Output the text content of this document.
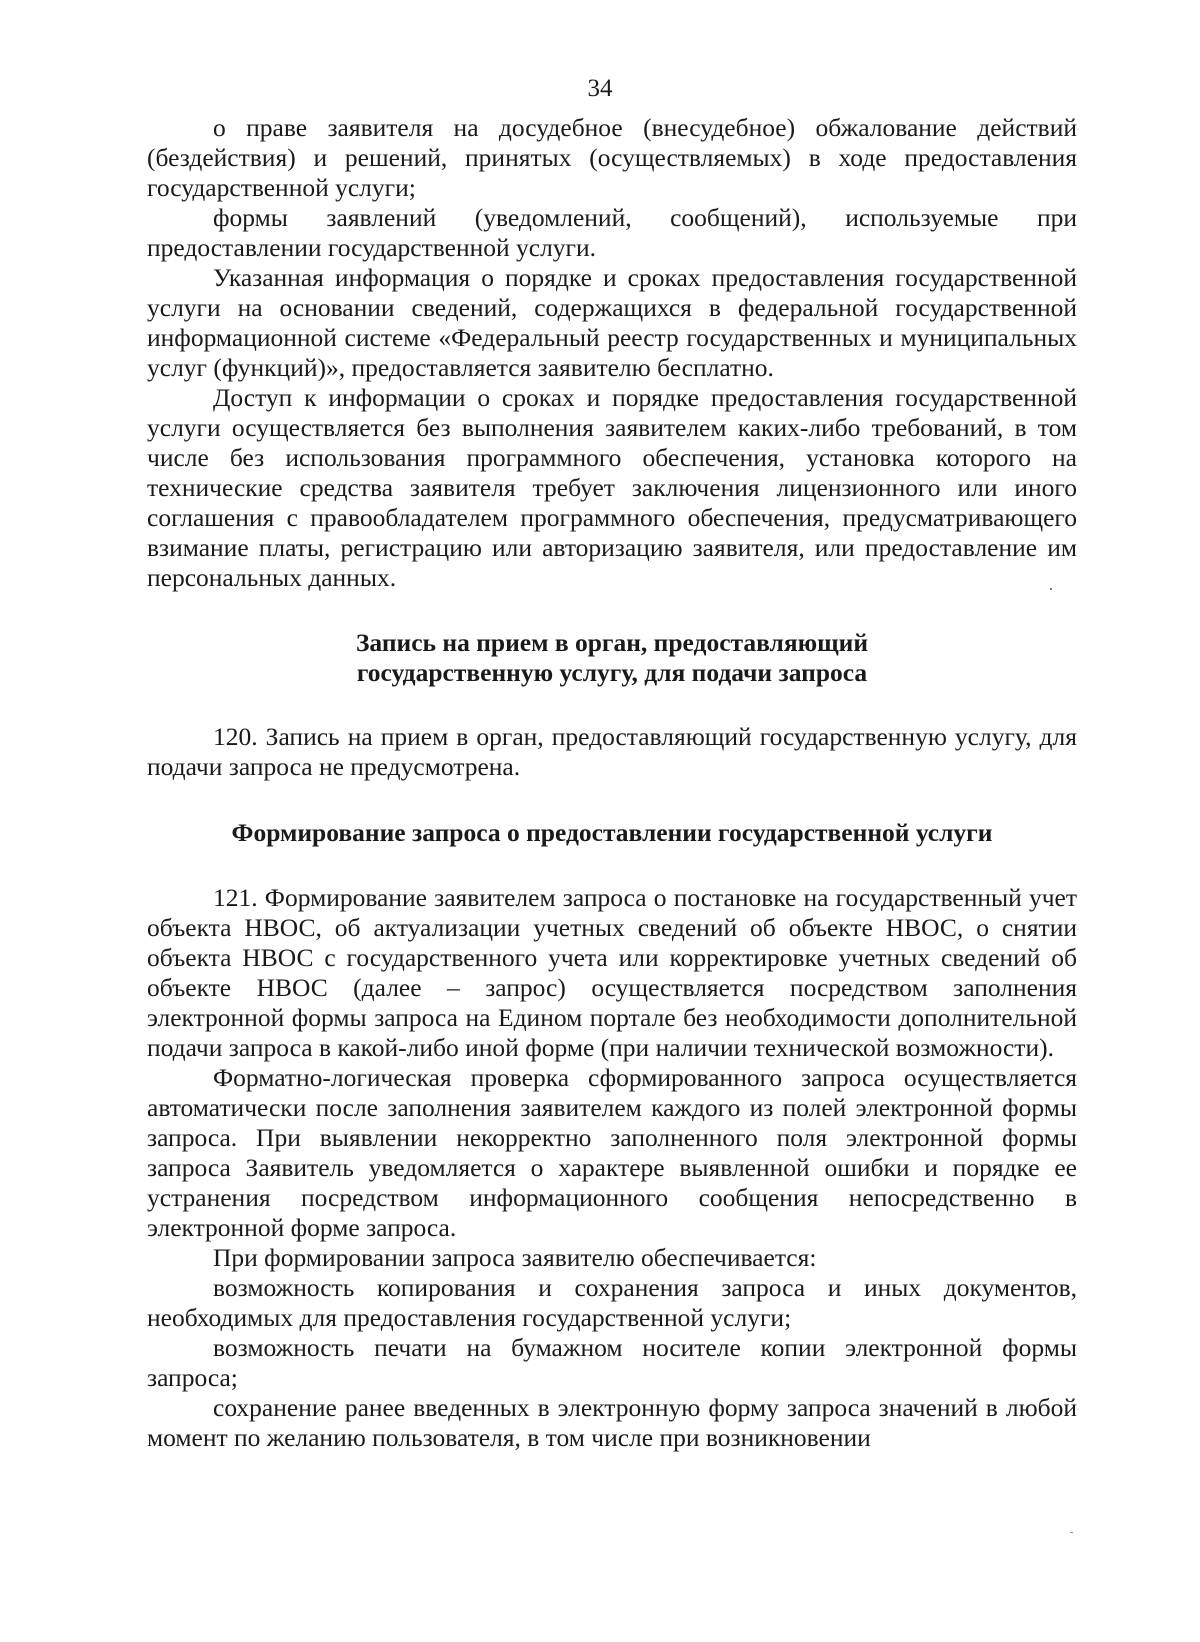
34

о праве заявителя на досудебное (внесудебное) обжалование действий (бездействия) и решений, принятых (осуществляемых) в ходе предоставления государственной услуги;

формы заявлений (уведомлений, сообщений), используемые при предоставлении государственной услуги.

Указанная информация о порядке и сроках предоставления государственной услуги на основании сведений, содержащихся в федеральной государственной информационной системе «Федеральный реестр государственных и муниципальных услуг (функций)», предоставляется заявителю бесплатно.

Доступ к информации о сроках и порядке предоставления государственной услуги осуществляется без выполнения заявителем каких-либо требований, в том числе без использования программного обеспечения, установка которого на технические средства заявителя требует заключения лицензионного или иного соглашения с правообладателем программного обеспечения, предусматривающего взимание платы, регистрацию или авторизацию заявителя, или предоставление им персональных данных.

Запись на прием в орган, предоставляющий
государственную услугу, для подачи запроса

120. Запись на прием в орган, предоставляющий государственную услугу, для подачи запроса не предусмотрена.

Формирование запроса о предоставлении государственной услуги

121. Формирование заявителем запроса о постановке на государственный учет объекта НВОС, об актуализации учетных сведений об объекте НВОС, о снятии объекта НВОС с государственного учета или корректировке учетных сведений об объекте НВОС (далее – запрос) осуществляется посредством заполнения электронной формы запроса на Едином портале без необходимости дополнительной подачи запроса в какой-либо иной форме (при наличии технической возможности).

Форматно-логическая проверка сформированного запроса осуществляется автоматически после заполнения заявителем каждого из полей электронной формы запроса. При выявлении некорректно заполненного поля электронной формы запроса Заявитель уведомляется о характере выявленной ошибки и порядке ее устранения посредством информационного сообщения непосредственно в электронной форме запроса.

При формировании запроса заявителю обеспечивается:

возможность копирования и сохранения запроса и иных документов, необходимых для предоставления государственной услуги;

возможность печати на бумажном носителе копии электронной формы запроса;

сохранение ранее введенных в электронную форму запроса значений в любой момент по желанию пользователя, в том числе при возникновении
